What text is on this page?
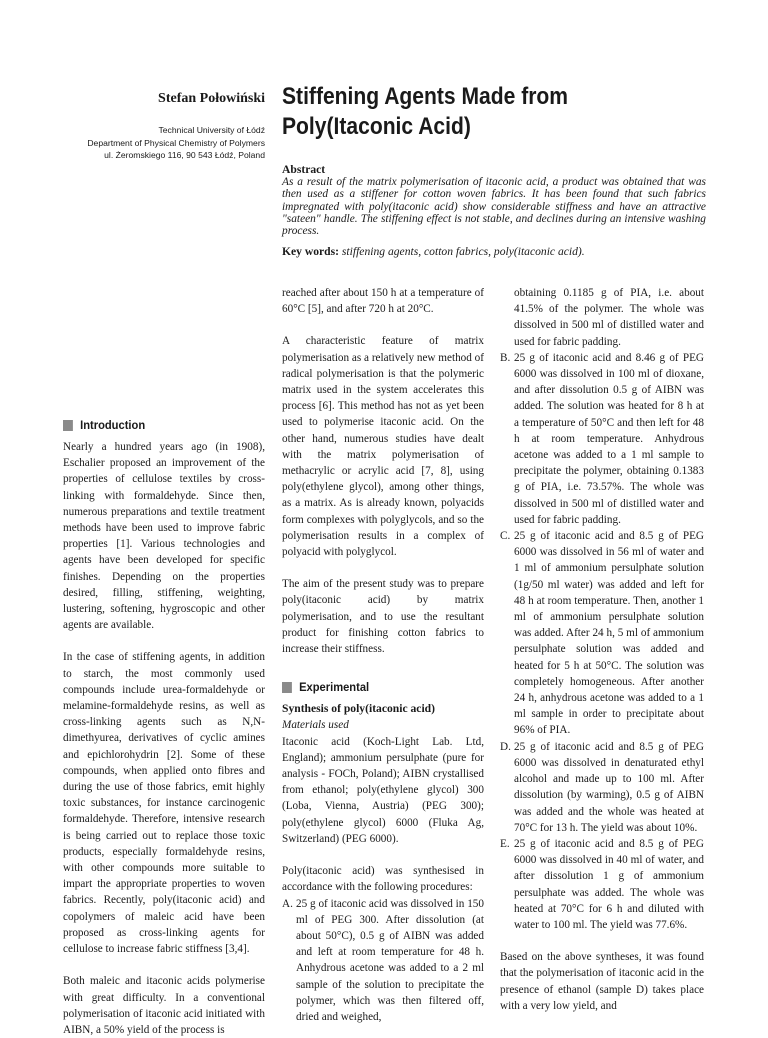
Stefan Połowiński
Technical University of Łódź
Department of Physical Chemistry of Polymers
ul. Żeromskiego 116, 90 543 Łódź, Poland
Stiffening Agents Made from
Poly(Itaconic Acid)
Abstract
As a result of the matrix polymerisation of itaconic acid, a product was obtained that was then used as a stiffener for cotton woven fabrics. It has been found that such fabrics impregnated with poly(itaconic acid) show considerable stiffness and have an attractive "sateen" handle. The stiffening effect is not stable, and declines during an intensive washing process.
Key words: stiffening agents, cotton fabrics, poly(itaconic acid).
Introduction

Nearly a hundred years ago (in 1908), Eschalier proposed an improvement of the properties of cellulose textiles by cross-linking with formaldehyde. Since then, numerous preparations and textile treatment methods have been used to improve fabric properties [1]. Various technologies and agents have been developed for specific finishes. Depending on the properties desired, filling, stiffening, weighting, lustering, softening, hygroscopic and other agents are available.

In the case of stiffening agents, in addition to starch, the most commonly used compounds include urea-formaldehyde or melamine-formaldehyde resins, as well as cross-linking agents such as N,N-dimethyurea, derivatives of cyclic amines and epichlorohydrin [2]. Some of these compounds, when applied onto fibres and during the use of those fabrics, emit highly toxic substances, for instance carcinogenic formaldehyde. Therefore, intensive research is being carried out to replace those toxic products, especially formaldehyde resins, with other compounds more suitable to impart the appropriate properties to woven fabrics. Recently, poly(itaconic acid) and copolymers of maleic acid have been proposed as cross-linking agents for cellulose to increase fabric stiffness [3,4].

Both maleic and itaconic acids polymerise with great difficulty. In a conventional polymerisation of itaconic acid initiated with AIBN, a 50% yield of the process is

reached after about 150 h at a temperature of 60°C [5], and after 720 h at 20°C.

A characteristic feature of matrix polymerisation as a relatively new method of radical polymerisation is that the polymeric matrix used in the system accelerates this process [6]. This method has not as yet been used to polymerise itaconic acid. On the other hand, numerous studies have dealt with the matrix polymerisation of methacrylic or acrylic acid [7, 8], using poly(ethylene glycol), among other things, as a matrix. As is already known, polyacids form complexes with polyglycols, and so the polymerisation results in a complex of polyacid with polyglycol.

The aim of the present study was to prepare poly(itaconic acid) by matrix polymerisation, and to use the resultant product for finishing cotton fabrics to increase their stiffness.

Experimental

Synthesis of poly(itaconic acid)

Materials used

Itaconic acid (Koch-Light Lab. Ltd, England); ammonium persulphate (pure for analysis - FOCh, Poland); AIBN crystallised from ethanol; poly(ethylene glycol) 300 (Loba, Vienna, Austria) (PEG 300); poly(ethylene glycol) 6000 (Fluka Ag, Switzerland) (PEG 6000).

Poly(itaconic acid) was synthesised in accordance with the following procedures:

A. 25 g of itaconic acid was dissolved in 150 ml of PEG 300. After dissolution (at about 50°C), 0.5 g of AIBN was added and left at room temperature for 48 h. Anhydrous acetone was added to a 2 ml sample of the solution to precipitate the polymer, which was then filtered off, dried and weighed,

obtaining 0.1185 g of PIA, i.e. about 41.5% of the polymer. The whole was dissolved in 500 ml of distilled water and used for fabric padding.

B. 25 g of itaconic acid and 8.46 g of PEG 6000 was dissolved in 100 ml of dioxane, and after dissolution 0.5 g of AIBN was added. The solution was heated for 8 h at a temperature of 50°C and then left for 48 h at room temperature. Anhydrous acetone was added to a 1 ml sample to precipitate the polymer, obtaining 0.1383 g of PIA, i.e. 73.57%. The whole was dissolved in 500 ml of distilled water and used for fabric padding.
C. 25 g of itaconic acid and 8.5 g of PEG 6000 was dissolved in 56 ml of water and 1 ml of ammonium persulphate solution (1g/50 ml water) was added and left for 48 h at room temperature. Then, another 1 ml of ammonium persulphate solution was added. After 24 h, 5 ml of ammonium persulphate solution was added and heated for 5 h at 50°C. The solution was completely homogeneous. After another 24 h, anhydrous acetone was added to a 1 ml sample in order to precipitate about 96% of PIA.
D. 25 g of itaconic acid and 8.5 g of PEG 6000 was dissolved in denaturated ethyl alcohol and made up to 100 ml. After dissolution (by warming), 0.5 g of AIBN was added and the whole was heated at 70°C for 13 h. The yield was about 10%.
E. 25 g of itaconic acid and 8.5 g of PEG 6000 was dissolved in 40 ml of water, and after dissolution 1 g of ammonium persulphate was added. The whole was heated at 70°C for 6 h and diluted with water to 100 ml. The yield was 77.6%.

Based on the above syntheses, it was found that the polymerisation of itaconic acid in the presence of ethanol (sample D) takes place with a very low yield, and
